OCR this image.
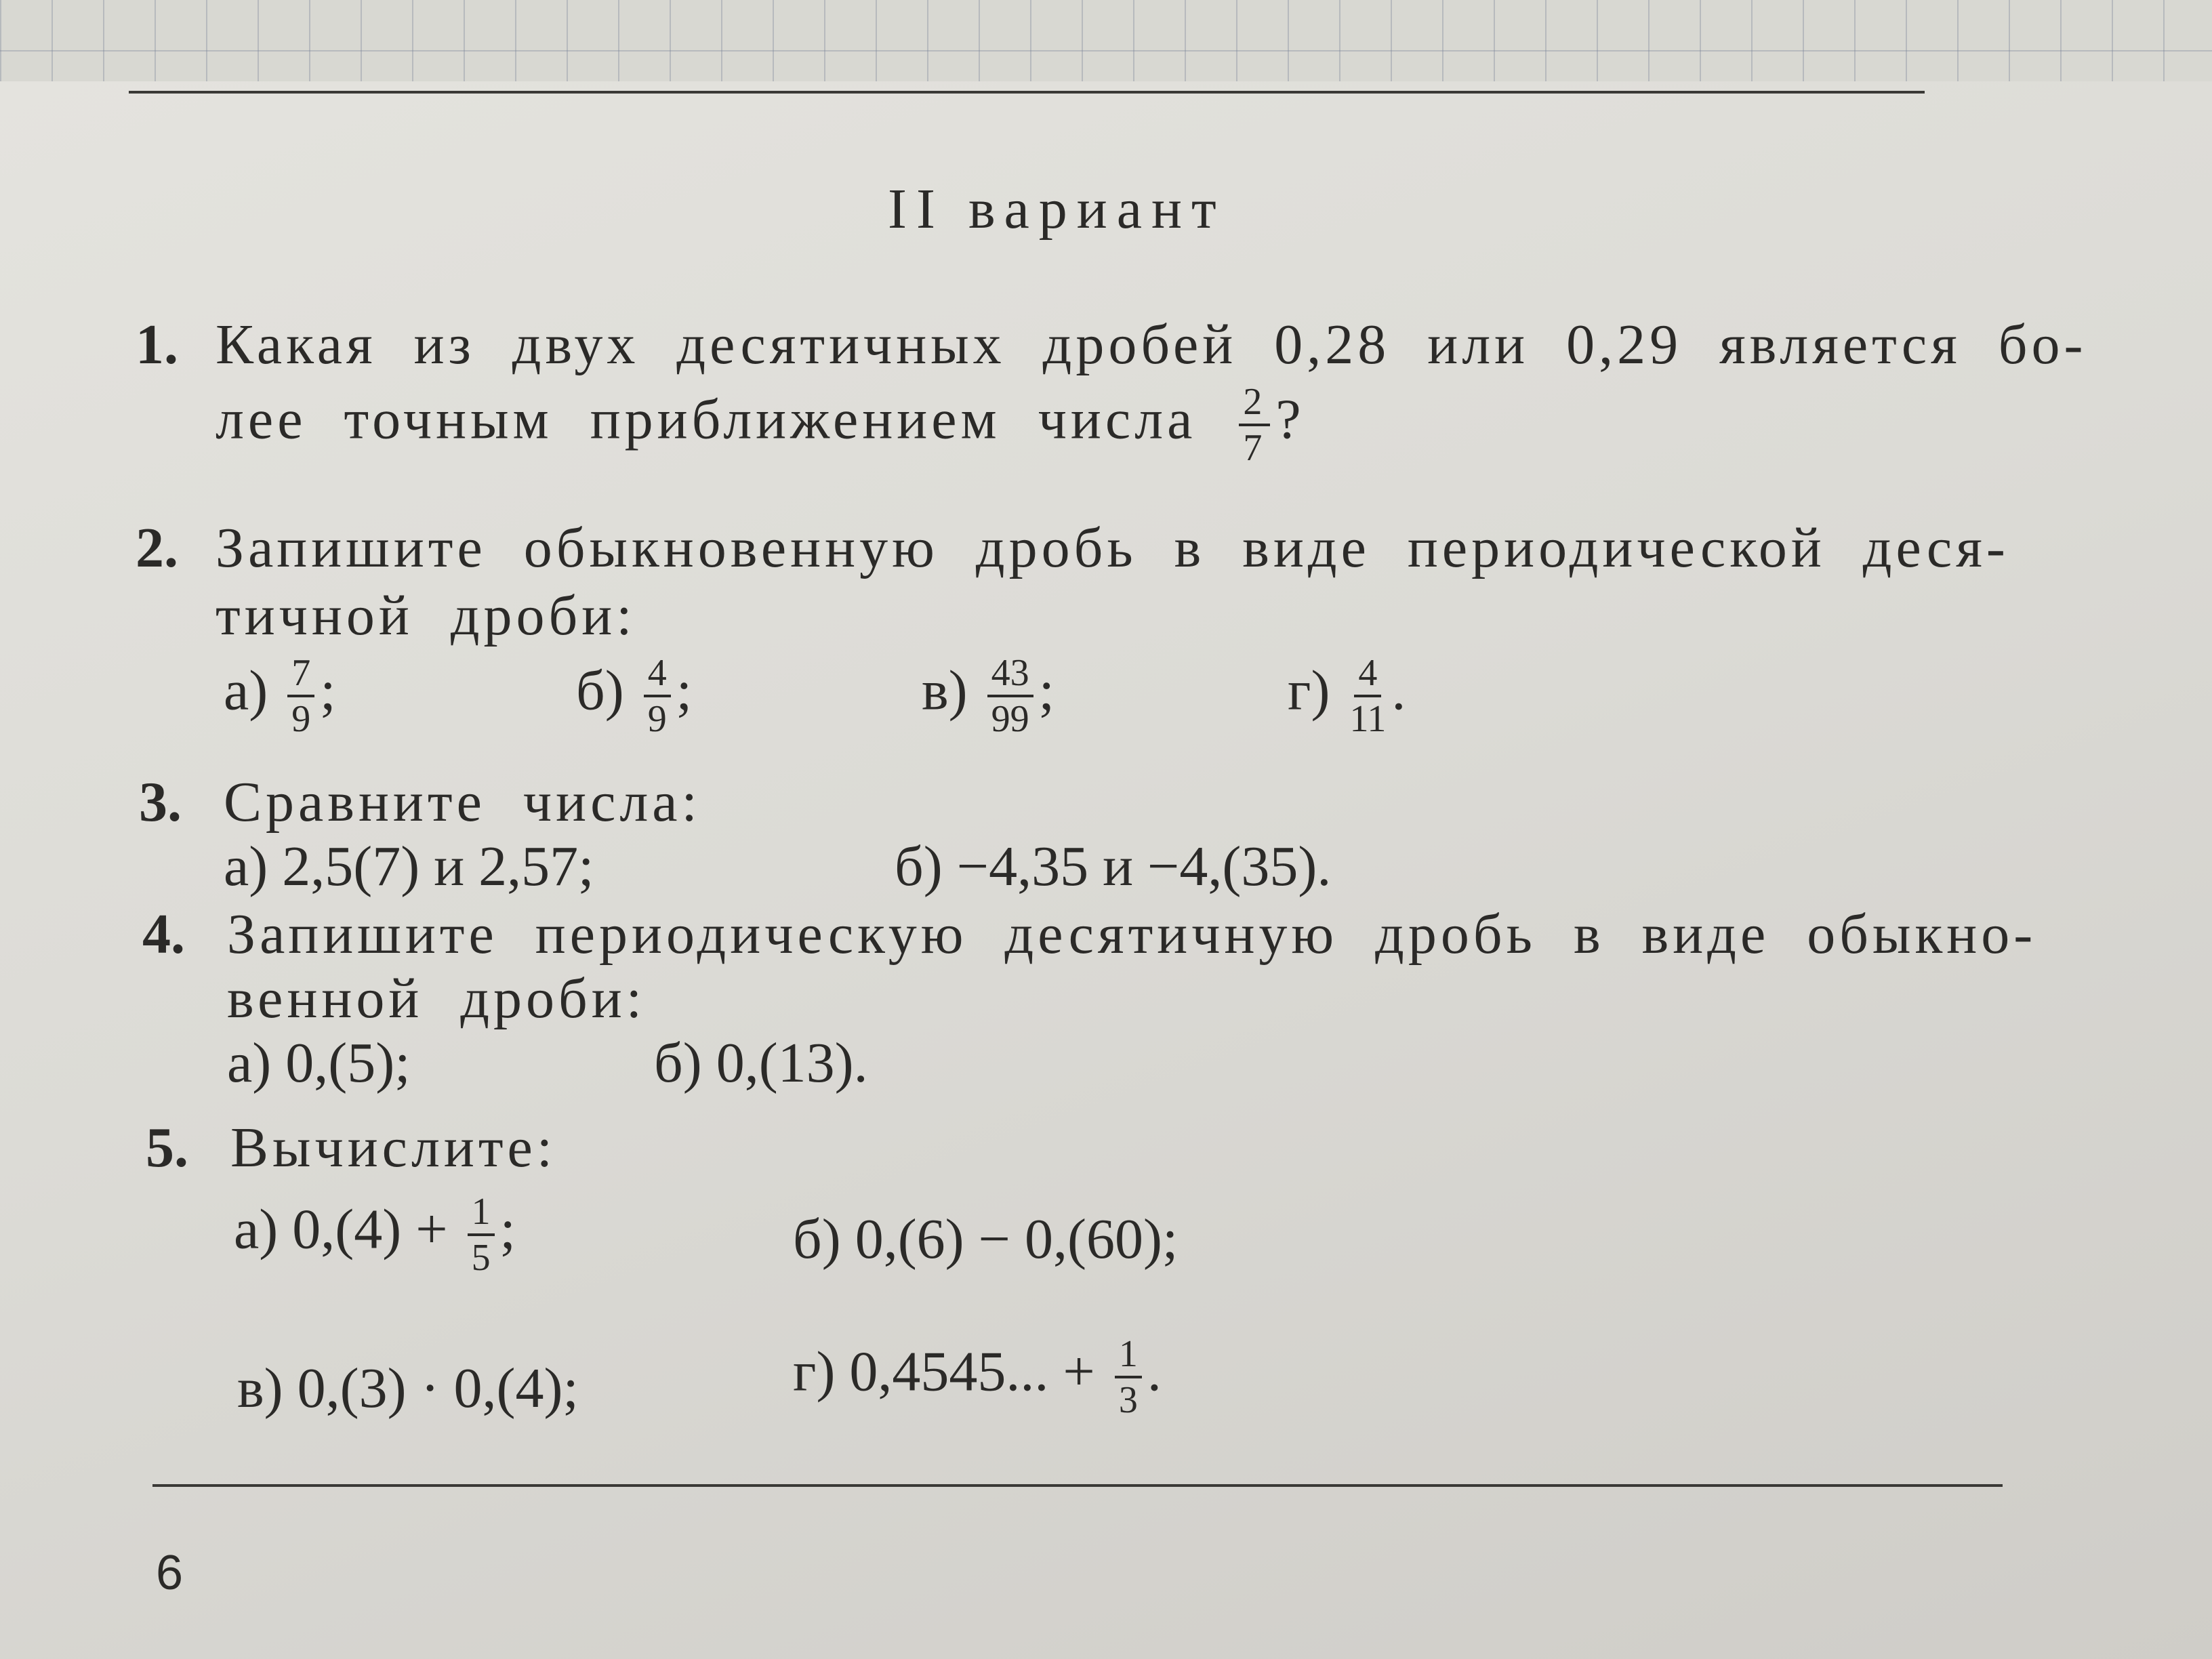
II вариант
1. Какая из двух десятичных дробей 0,28 или 0,29 является бо-
лее точным приближением числа $\frac{2}{7}$ ?
2. Запишите обыкновенную дробь в виде периодической деся-
тичной дроби:
$а) \frac{7}{9}$ ;	$б) \frac{4}{9}$ ;	$в) \frac{43}{99}$ ;	$г) \frac{4}{11}$ .
3. Сравните числа:
а) 2,5(7) и 2,57;	б) −4,35 и −4,(35).
4. Запишите периодическую десятичную дробь в виде обыкно-
венной дроби:
а) 0,(5);	б) 0,(13).
5. Вычислите:
а) $0,(4) + \frac{1}{5}$ ;	б) 0,(6) − 0,(60);
в) 0,(3) · 0,(4);	г) 0,4545... + $\frac{1}{3}$ .
6
